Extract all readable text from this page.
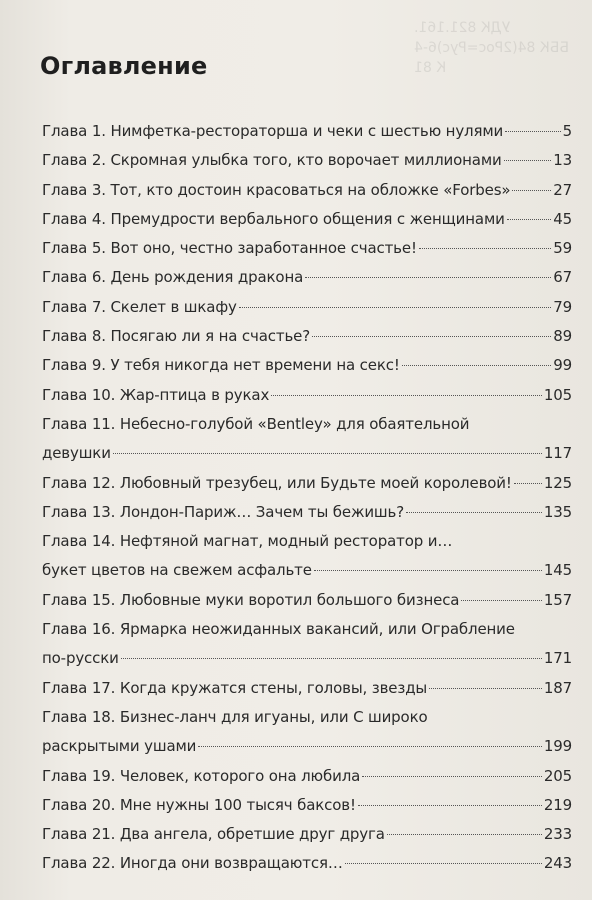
УДК 821.161.
ББК 84(2Рос=Рус)6-4
К 81
Оглавление
Глава 1. Нимфетка-рестораторша и чеки с шестью нулями	5
Глава 2. Скромная улыбка того, кто ворочает миллионами	13
Глава 3. Тот, кто достоин красоваться на обложке «Forbes»	27
Глава 4. Премудрости вербального общения с женщинами	45
Глава 5. Вот оно, честно заработанное счастье!	59
Глава 6. День рождения дракона	67
Глава 7. Скелет в шкафу	79
Глава 8. Посягаю ли я на счастье?	89
Глава 9. У тебя никогда нет времени на секс!	99
Глава 10. Жар-птица в руках	105
Глава 11. Небесно-голубой «Bentley» для обаятельной
девушки	117
Глава 12. Любовный трезубец, или Будьте моей королевой! 125
Глава 13. Лондон-Париж… Зачем ты бежишь?	135
Глава 14. Нефтяной магнат, модный ресторатор и…
букет цветов на свежем асфальте	145
Глава 15. Любовные муки воротил большого бизнеса	157
Глава 16. Ярмарка неожиданных вакансий, или Ограбление
по-русски	171
Глава 17. Когда кружатся стены, головы, звезды	187
Глава 18. Бизнес-ланч для игуаны, или С широко
раскрытыми ушами	199
Глава 19. Человек, которого она любила	205
Глава 20. Мне нужны 100 тысяч баксов!	219
Глава 21. Два ангела, обретшие друг друга	233
Глава 22. Иногда они возвращаются…	243
